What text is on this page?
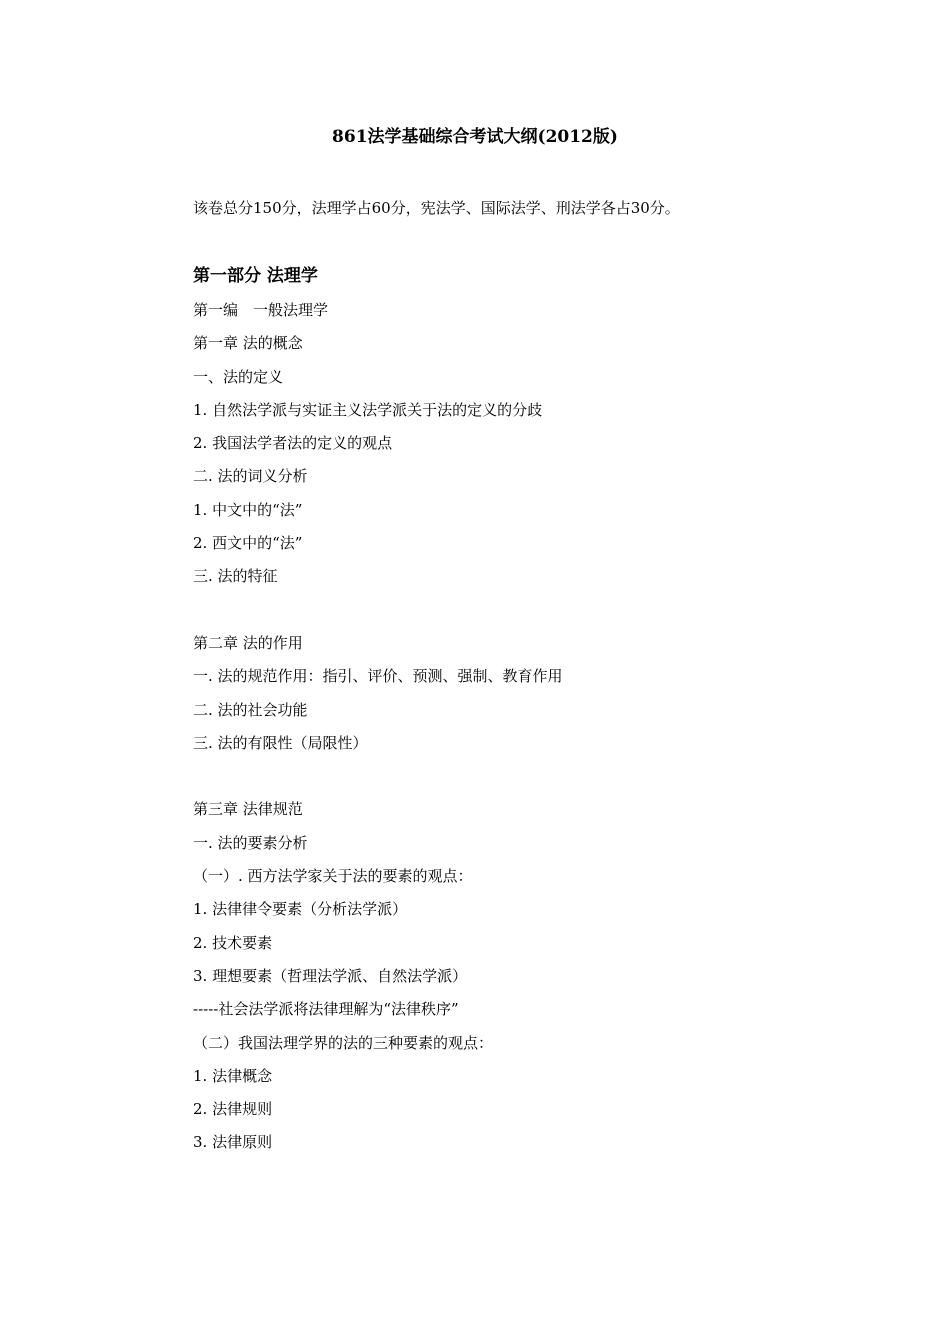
861法学基础综合考试大纲(2012版)
该卷总分150分，法理学占60分，宪法学、国际法学、刑法学各占30分。
第一部分 法理学
第一编　一般法理学
第一章 法的概念
一、法的定义
1. 自然法学派与实证主义法学派关于法的定义的分歧
2. 我国法学者法的定义的观点
二. 法的词义分析
1. 中文中的“法”
2. 西文中的“法”
三. 法的特征
第二章 法的作用
一. 法的规范作用：指引、评价、预测、强制、教育作用
二. 法的社会功能
三. 法的有限性（局限性）
第三章 法律规范
一. 法的要素分析
（一）. 西方法学家关于法的要素的观点：
1. 法律律令要素（分析法学派）
2. 技术要素
3. 理想要素（哲理法学派、自然法学派）
-----社会法学派将法律理解为“法律秩序”
（二）我国法理学界的法的三种要素的观点：
1. 法律概念
2. 法律规则
3. 法律原则
